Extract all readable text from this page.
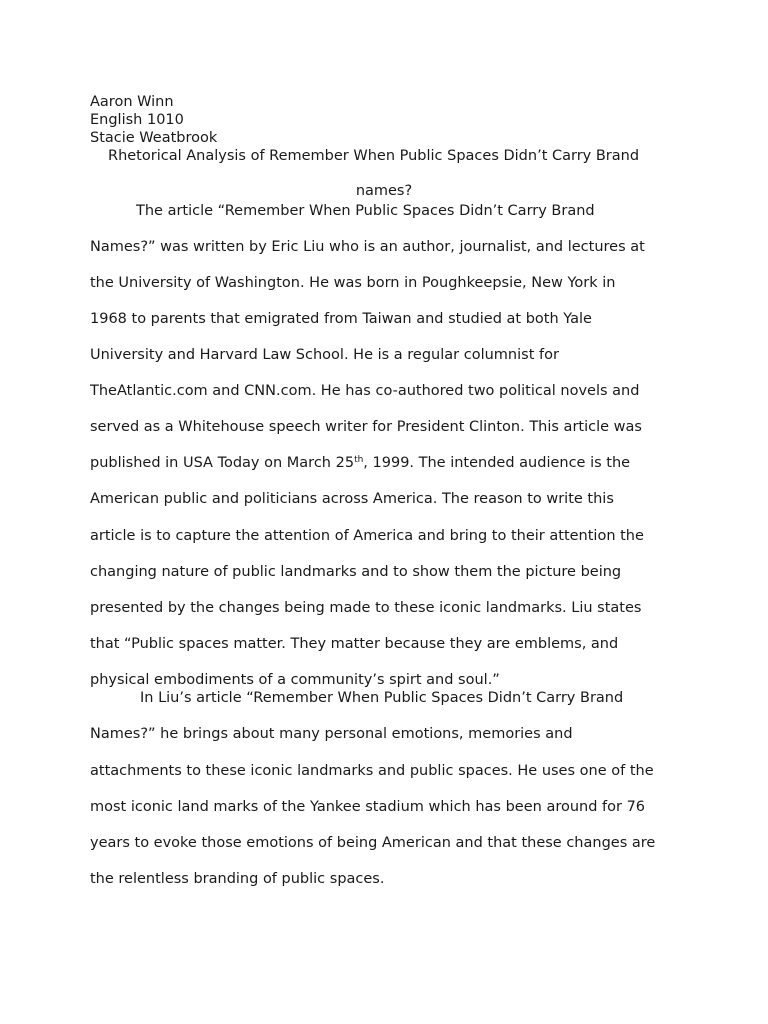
Aaron Winn
English 1010
Stacie Weatbrook
Rhetorical Analysis of Remember When Public Spaces Didn’t Carry Brand
names?
The article “Remember When Public Spaces Didn’t Carry Brand
Names?” was written by Eric Liu who is an author, journalist, and lectures at
the University of Washington. He was born in Poughkeepsie, New York in
1968 to parents that emigrated from Taiwan and studied at both Yale
University and Harvard Law School. He is a regular columnist for
TheAtlantic.com and CNN.com. He has co-authored two political novels and
served as a Whitehouse speech writer for President Clinton. This article was
published in USA Today on March 25th, 1999. The intended audience is the
American public and politicians across America. The reason to write this
article is to capture the attention of America and bring to their attention the
changing nature of public landmarks and to show them the picture being
presented by the changes being made to these iconic landmarks. Liu states
that “Public spaces matter. They matter because they are emblems, and
physical embodiments of a community’s spirt and soul.”
In Liu’s article “Remember When Public Spaces Didn’t Carry Brand
Names?” he brings about many personal emotions, memories and
attachments to these iconic landmarks and public spaces. He uses one of the
most iconic land marks of the Yankee stadium which has been around for 76
years to evoke those emotions of being American and that these changes are
the relentless branding of public spaces.
